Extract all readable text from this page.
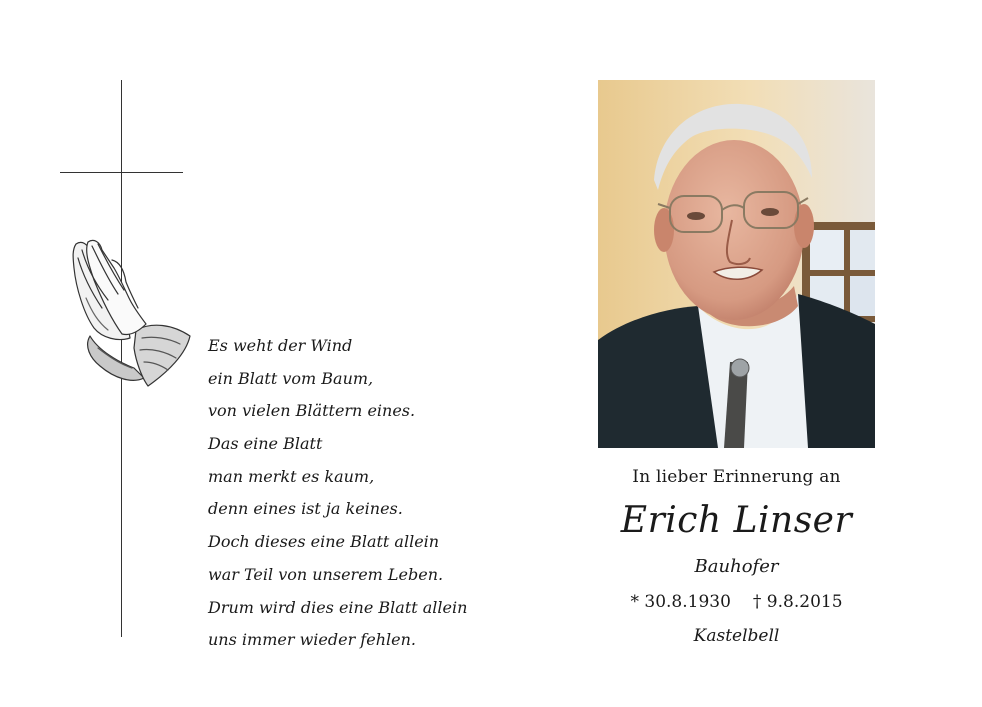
Es weht der Wind
ein Blatt vom Baum,
von vielen Blättern eines.
Das eine Blatt
man merkt es kaum,
denn eines ist ja keines.
Doch dieses eine Blatt allein
war Teil von unserem Leben.
Drum wird dies eine Blatt allein
uns immer wieder fehlen.
In lieber Erinnerung an
Erich Linser
Bauhofer
* 30.8.1930 † 9.8.2015
Kastelbell
